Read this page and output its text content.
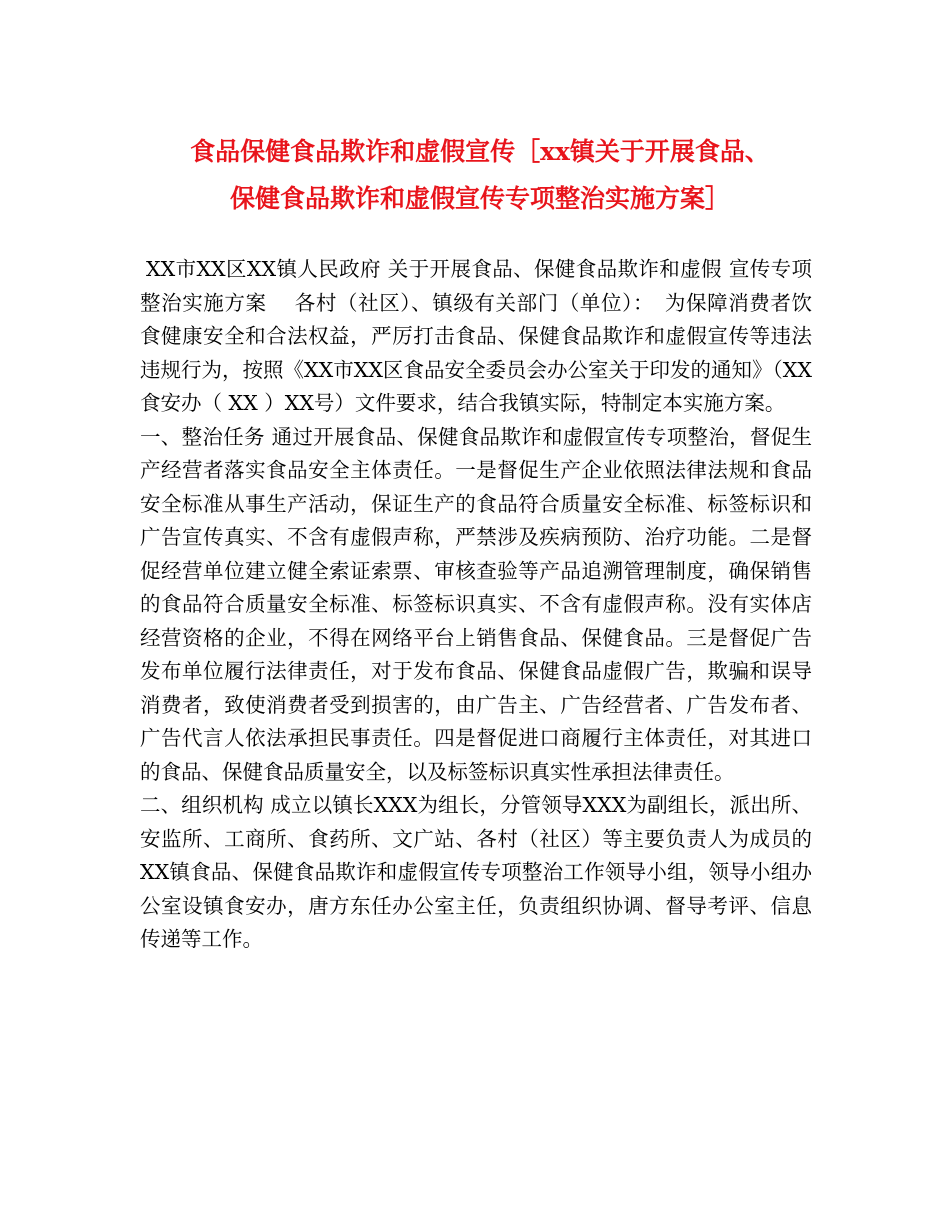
食品保健食品欺诈和虚假宣传［xx镇关于开展食品、
保健食品欺诈和虚假宣传专项整治实施方案］

XX市XX区XX镇人民政府 关于开展食品、保健食品欺诈和虚假 宣传专项整治实施方案　 各村（社区）、镇级有关部门（单位）：　为保障消费者饮食健康安全和合法权益，严厉打击食品、保健食品欺诈和虚假宣传等违法违规行为，按照《XX市XX区食品安全委员会办公室关于印发的通知》（XX食安办（ XX ）XX号）文件要求，结合我镇实际，特制定本实施方案。

一、整治任务 通过开展食品、保健食品欺诈和虚假宣传专项整治，督促生产经营者落实食品安全主体责任。一是督促生产企业依照法律法规和食品安全标准从事生产活动，保证生产的食品符合质量安全标准、标签标识和广告宣传真实、不含有虚假声称，严禁涉及疾病预防、治疗功能。二是督促经营单位建立健全索证索票、审核查验等产品追溯管理制度，确保销售的食品符合质量安全标准、标签标识真实、不含有虚假声称。没有实体店经营资格的企业，不得在网络平台上销售食品、保健食品。三是督促广告发布单位履行法律责任，对于发布食品、保健食品虚假广告，欺骗和误导消费者，致使消费者受到损害的，由广告主、广告经营者、广告发布者、广告代言人依法承担民事责任。四是督促进口商履行主体责任，对其进口的食品、保健食品质量安全，以及标签标识真实性承担法律责任。

二、组织机构 成立以镇长XXX为组长，分管领导XXX为副组长，派出所、安监所、工商所、食药所、文广站、各村（社区）等主要负责人为成员的XX镇食品、保健食品欺诈和虚假宣传专项整治工作领导小组，领导小组办公室设镇食安办，唐方东任办公室主任，负责组织协调、督导考评、信息传递等工作。
